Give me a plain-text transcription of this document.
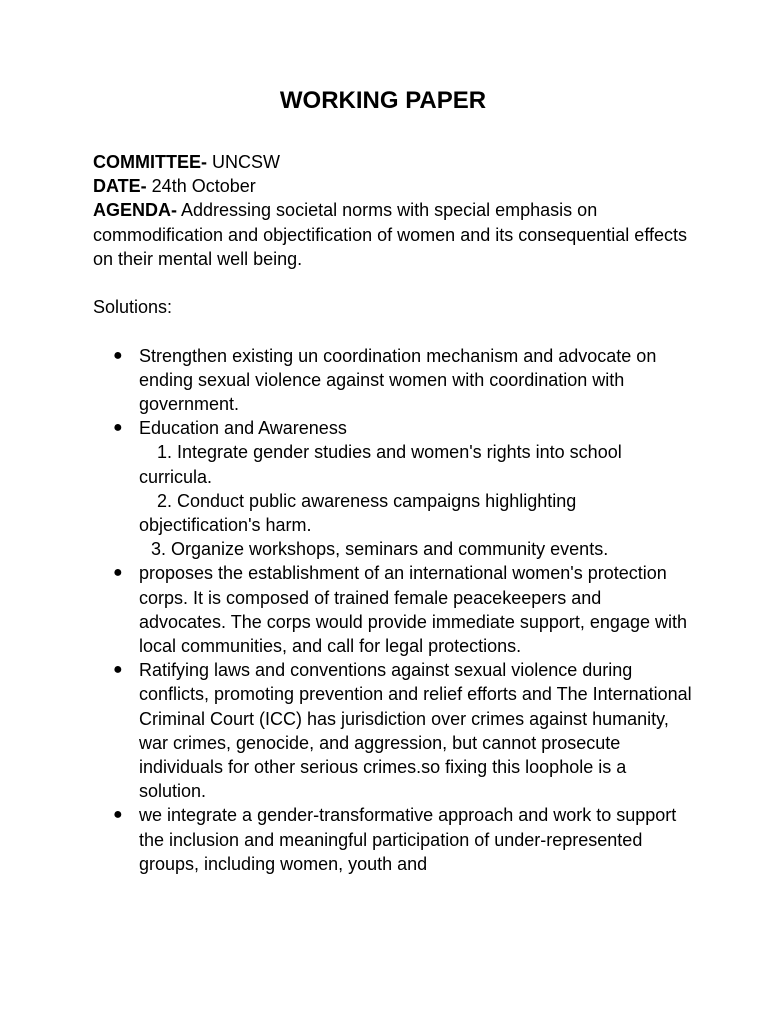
WORKING PAPER

COMMITTEE- UNCSW

DATE- 24th October

AGENDA- Addressing societal norms with special emphasis on commodification and objectification of women and its consequential effects on their mental well being.

Solutions:

● Strengthen existing un coordination mechanism and advocate on ending sexual violence against women with coordination with government.
● Education and Awareness
1. Integrate gender studies and women's rights into school curricula.
2. Conduct public awareness campaigns highlighting objectification's harm.
3. Organize workshops, seminars and community events.
● proposes the establishment of an international women's protection corps. It is composed of trained female peacekeepers and advocates. The corps would provide immediate support, engage with local communities, and call for legal protections.
● Ratifying laws and conventions against sexual violence during conflicts, promoting prevention and relief efforts and The International Criminal Court (ICC) has jurisdiction over crimes against humanity, war crimes, genocide, and aggression, but cannot prosecute individuals for other serious crimes.so fixing this loophole is a solution.
● we integrate a gender-transformative approach and work to support the inclusion and meaningful participation of under-represented groups, including women, youth and
